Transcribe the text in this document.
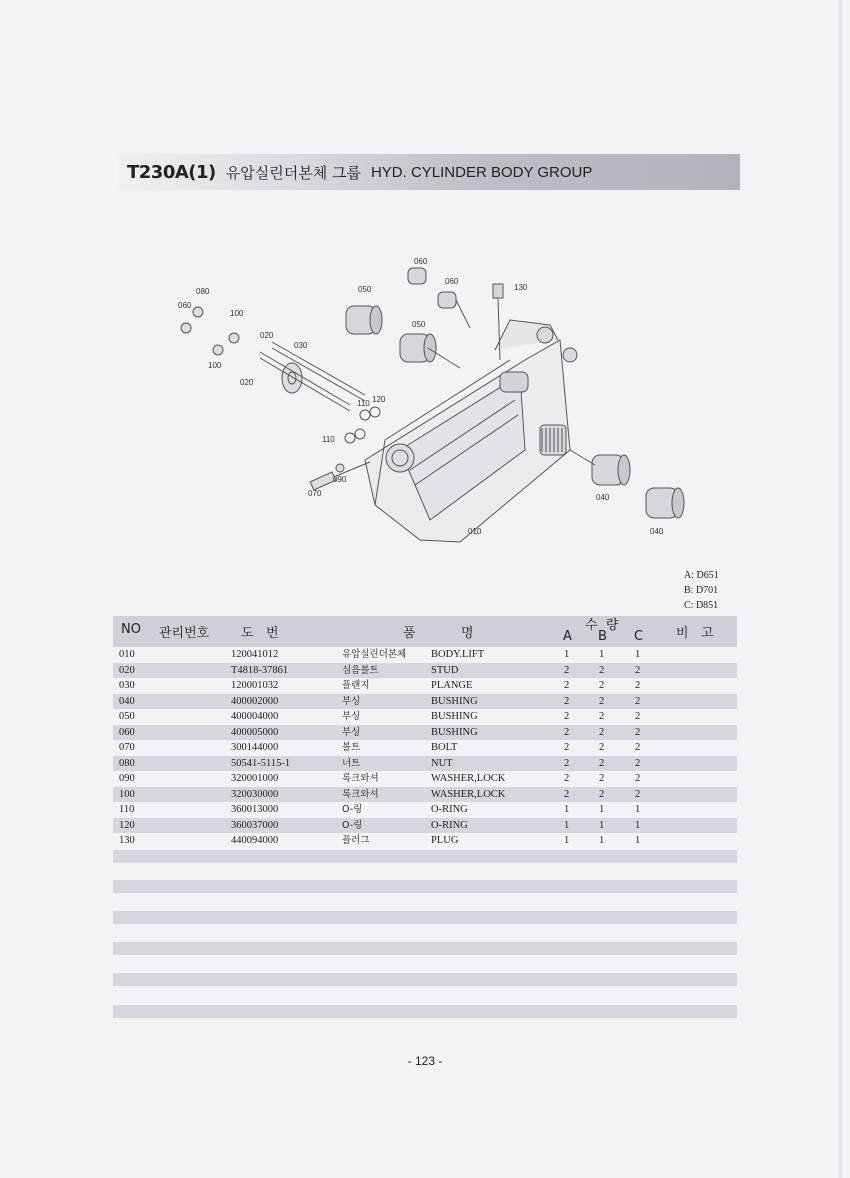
T230A(1) 유압실린더본체 그룹 HYD. CYLINDER BODY GROUP
060
060
130
080	050
060
100
050
020
030
100
020
110 120
110
090
070	040
010	040
A: D651
B: D701
C: D851
NO 관리번호 도   번	품           명
수  량
A B C	비   고
010	120041012	유압실린더본체 BODY.LIFT	1	1	1
020	T4818-37861	심음볼트	STUD	2	2	2
030	120001032	플랜지	PLANGE	2	2	2
040	400002000	부싱	BUSHING	2	2	2
050	400004000	부싱	BUSHING	2	2	2
060	400005000	부싱	BUSHING	2	2	2
070	300144000	볼트	BOLT	2	2	2
080	50541-5115-1	너트	NUT	2	2	2
090	320001000	록크와셔	WASHER,LOCK	2	2	2
100	320030000	록크와셔	WASHER,LOCK	2	2	2
110	360013000	O-링	O-RING	1	1	1
120	360037000	O-링	O-RING	1	1	1
130	440094000	플러그	PLUG	1	1	1
- 123 -
